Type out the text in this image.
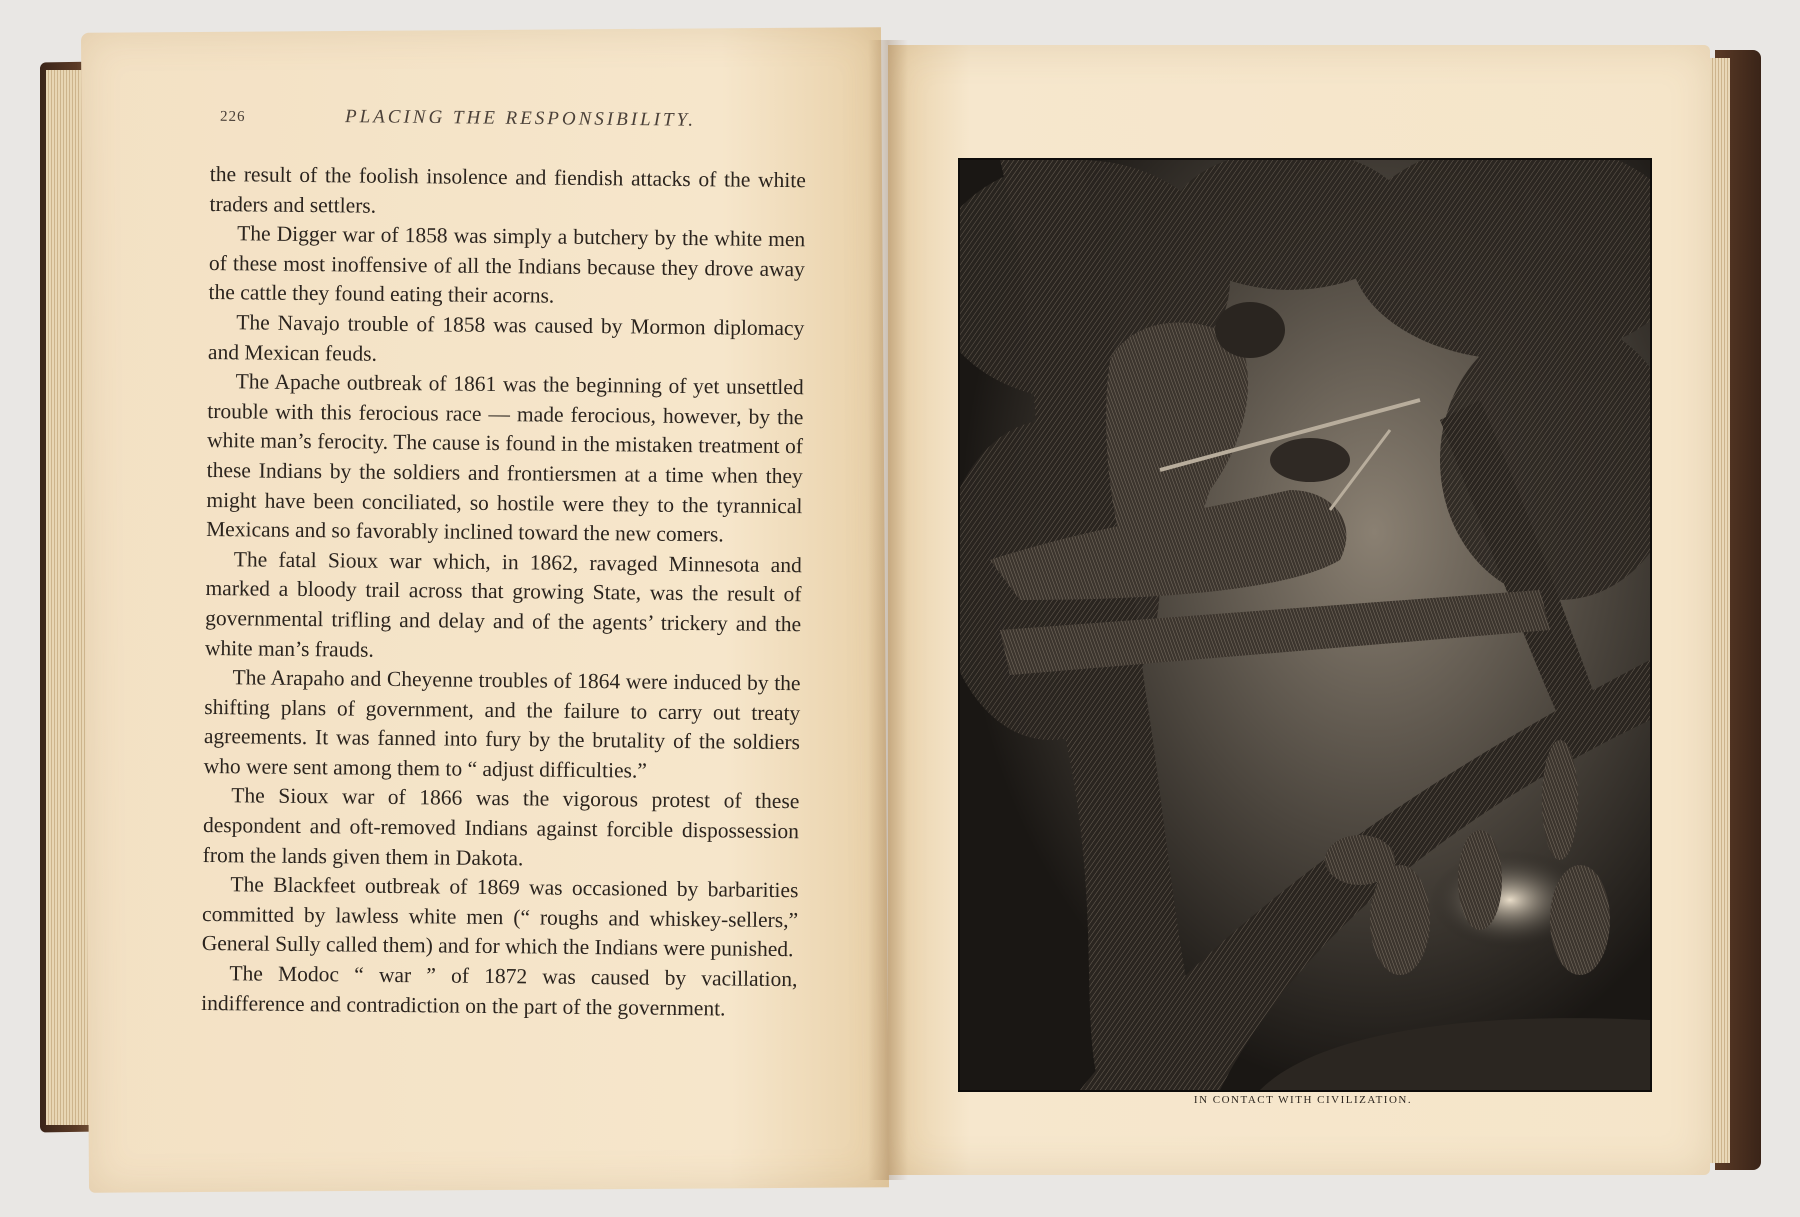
226	PLACING THE RESPONSIBILITY.

the result of the foolish insolence and fiendish attacks of the white traders and settlers.

The Digger war of 1858 was simply a butchery by the white men of these most inoffensive of all the Indians because they drove away the cattle they found eating their acorns.

The Navajo trouble of 1858 was caused by Mormon diplomacy and Mexican feuds.

The Apache outbreak of 1861 was the beginning of yet unsettled trouble with this ferocious race — made ferocious, however, by the white man’s ferocity. The cause is found in the mistaken treatment of these Indians by the soldiers and frontiersmen at a time when they might have been conciliated, so hostile were they to the tyrannical Mexicans and so favorably inclined toward the new comers.

The fatal Sioux war which, in 1862, ravaged Minnesota and marked a bloody trail across that growing State, was the result of governmental trifling and delay and of the agents’ trickery and the white man’s frauds.

The Arapaho and Cheyenne troubles of 1864 were induced by the shifting plans of government, and the failure to carry out treaty agreements. It was fanned into fury by the brutality of the soldiers who were sent among them to “ adjust difficulties.”

The Sioux war of 1866 was the vigorous protest of these despondent and oft-removed Indians against forcible dispossession from the lands given them in Dakota.

The Blackfeet outbreak of 1869 was occasioned by barbarities committed by lawless white men (“ roughs and whiskey-sellers,” General Sully called them) and for which the Indians were punished.

The Modoc “ war ” of 1872 was caused by vacillation, indifference and contradiction on the part of the government.

IN CONTACT WITH CIVILIZATION.
